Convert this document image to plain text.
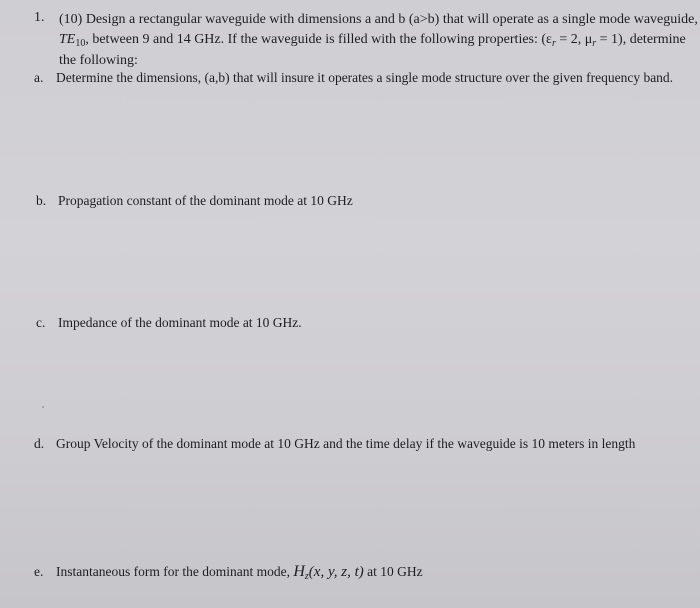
1. (10) Design a rectangular waveguide with dimensions a and b (a>b) that will operate as a single mode waveguide,
$TE_{10}$, between 9 and 14 GHz. If the waveguide is filled with the following properties: ($\varepsilon_r = 2$, $\mu_r = 1$), determine
the following:
a. Determine the dimensions, (a,b) that will insure it operates a single mode structure over the given frequency band.
b. Propagation constant of the dominant mode at 10 GHz
c. Impedance of the dominant mode at 10 GHz.
d. Group Velocity of the dominant mode at 10 GHz and the time delay if the waveguide is 10 meters in length
e. Instantaneous form for the dominant mode, $H_z(x$, y, z, t) at 10 GHz
